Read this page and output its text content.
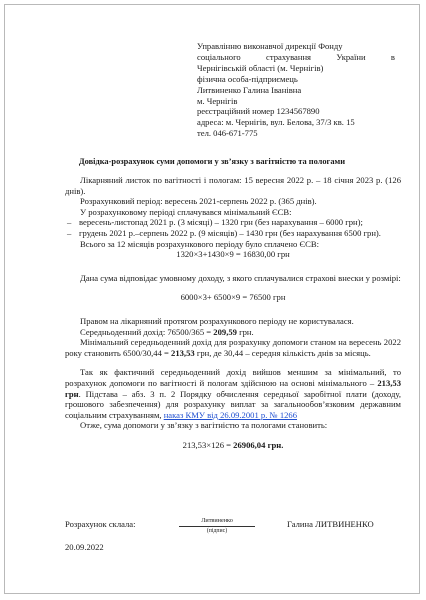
Управлінню виконавчої дирекції Фонду
соціального	страхування	України	в
Чернігівській області (м. Чернігів)
фізична особа-підприємець
Литвиненко Галина Іванівна
м. Чернігів
реєстраційний номер 1234567890
адреса: м. Чернігів, вул. Белова, 37/3 кв. 15
тел. 046-671-775
Довідка-розрахунок суми допомоги у зв’язку з вагітністю та пологами

Лікарняний листок по вагітності і пологам: 15 вересня 2022 р. – 18 січня 2023 р. (126 днів).

Розрахунковий період: вересень 2021-серпень 2022 р. (365 днів).

У розрахунковому періоді сплачувався мінімальний ЄСВ:

– вересень-листопад 2021 р. (3 місяці) – 1320 грн (без нарахування – 6000 грн);

– грудень 2021 р.–серпень 2022 р. (9 місяців) – 1430 грн (без нарахування 6500 грн).

Всього за 12 місяців розрахункового періоду було сплачено ЄСВ:

1320×3+1430×9 = 16830,00 грн

Дана сума відповідає умовному доходу, з якого сплачувалися страхові внески у розмірі:

6000×3+ 6500×9 = 76500 грн

Правом на лікарняний протягом розрахункового періоду не користувалася.

Середньоденний дохід: 76500/365 = 209,59 грн.

Мінімальний середньоденний дохід для розрахунку допомоги станом на вересень 2022 року становить 6500/30,44 = 213,53 грн, де 30,44 – середня кількість днів за місяць.

Так як фактичний середньоденний дохід вийшов меншим за мінімальний, то розрахунок допомоги по вагітності й пологам здійснюю на основі мінімального – 213,53 грн. Підстава – абз. 3 п. 2 Порядку обчислення середньої заробітної плати (доходу, грошового забезпечення) для розрахунку виплат за загальнообов’язковим державним соціальним страхуванням, наказ КМУ від 26.09.2001 р. № 1266

Отже, сума допомоги у зв’язку з вагітністю та пологами становить:

213,53×126 = 26906,04 грн.

Розрахунок склала:	Литвиненко
(підпис)
Галина ЛИТВИНЕНКО
20.09.2022
